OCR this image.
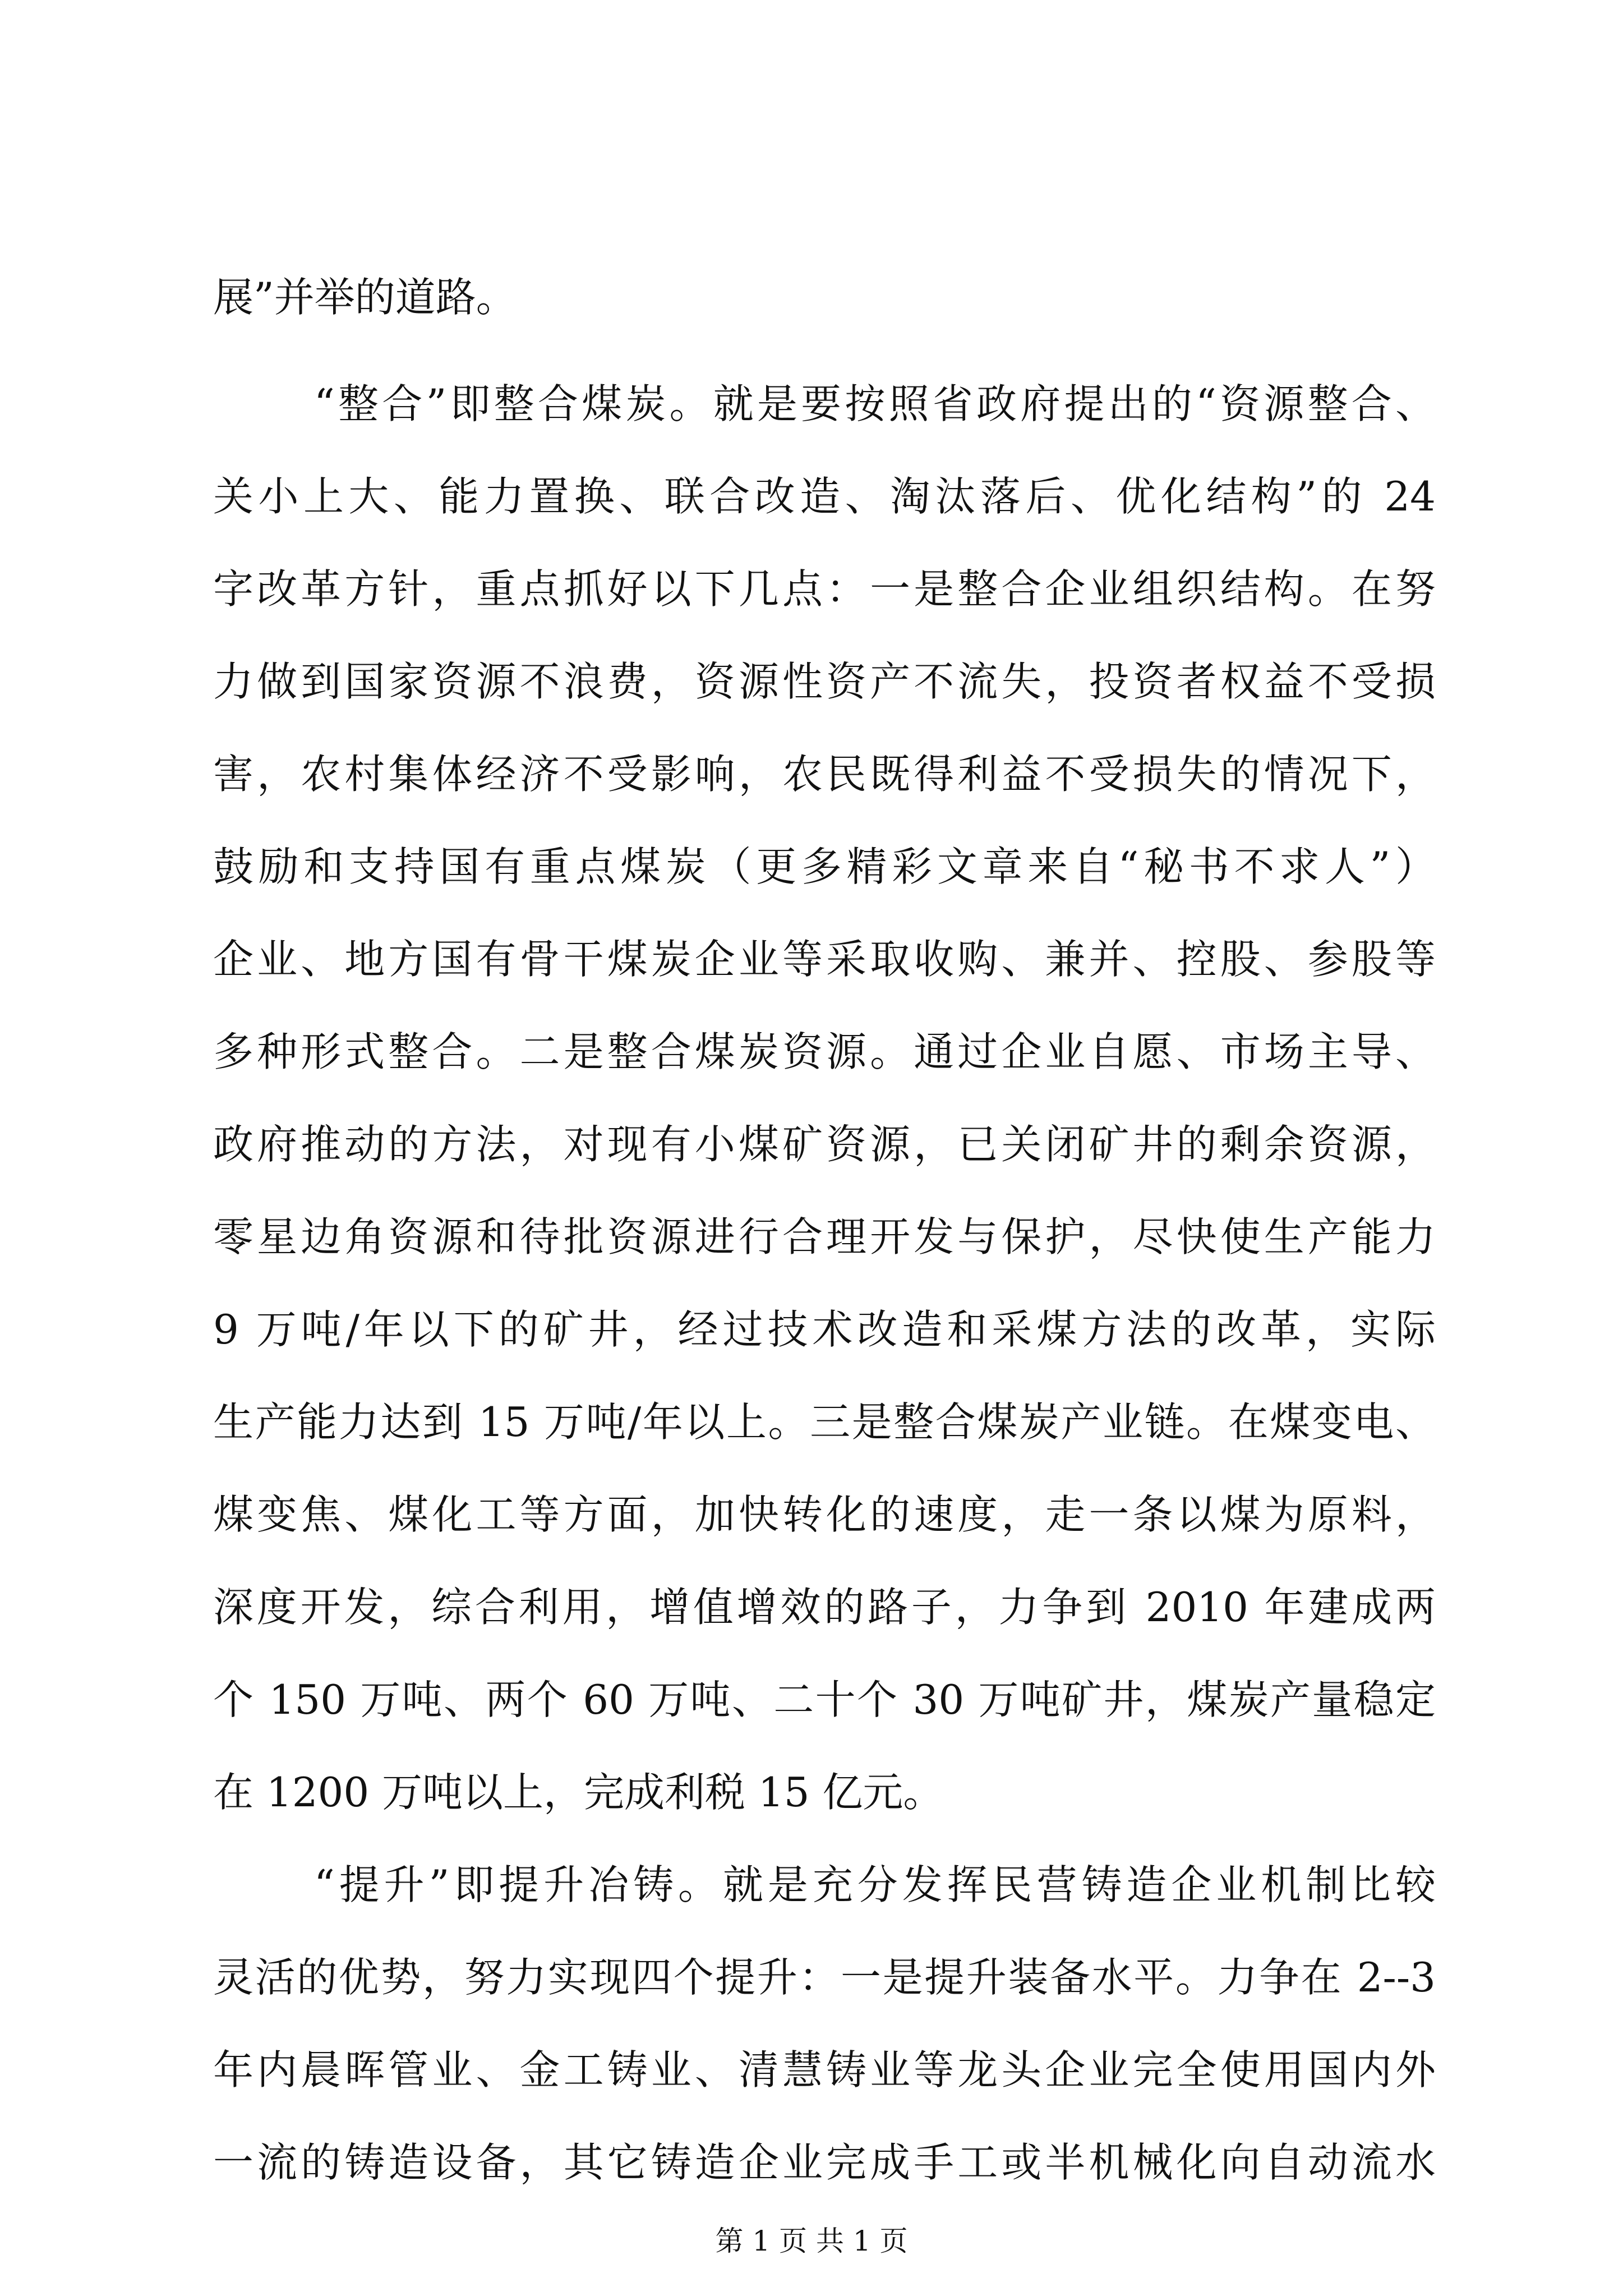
展”并举的道路。
“整合”即整合煤炭。就是要按照省政府提出的“资源整合、
关小上大、能力置换、联合改造、淘汰落后、优化结构”的 24
字改革方针，重点抓好以下几点：一是整合企业组织结构。在努
力做到国家资源不浪费，资源性资产不流失，投资者权益不受损
害，农村集体经济不受影响，农民既得利益不受损失的情况下，
鼓励和支持国有重点煤炭（更多精彩文章来自“秘书不求人”）
企业、地方国有骨干煤炭企业等采取收购、兼并、控股、参股等
多种形式整合。二是整合煤炭资源。通过企业自愿、市场主导、
政府推动的方法，对现有小煤矿资源，已关闭矿井的剩余资源，
零星边角资源和待批资源进行合理开发与保护，尽快使生产能力
9 万吨/年以下的矿井，经过技术改造和采煤方法的改革，实际
生产能力达到 15 万吨/年以上。三是整合煤炭产业链。在煤变电、
煤变焦、煤化工等方面，加快转化的速度，走一条以煤为原料，
深度开发，综合利用，增值增效的路子，力争到 2010 年建成两
个 150 万吨、两个 60 万吨、二十个 30 万吨矿井，煤炭产量稳定
在 1200 万吨以上，完成利税 15 亿元。
“提升”即提升冶铸。就是充分发挥民营铸造企业机制比较
灵活的优势，努力实现四个提升：一是提升装备水平。力争在 2--3
年内晨晖管业、金工铸业、清慧铸业等龙头企业完全使用国内外
一流的铸造设备，其它铸造企业完成手工或半机械化向自动流水
第 1 页 共 1 页
